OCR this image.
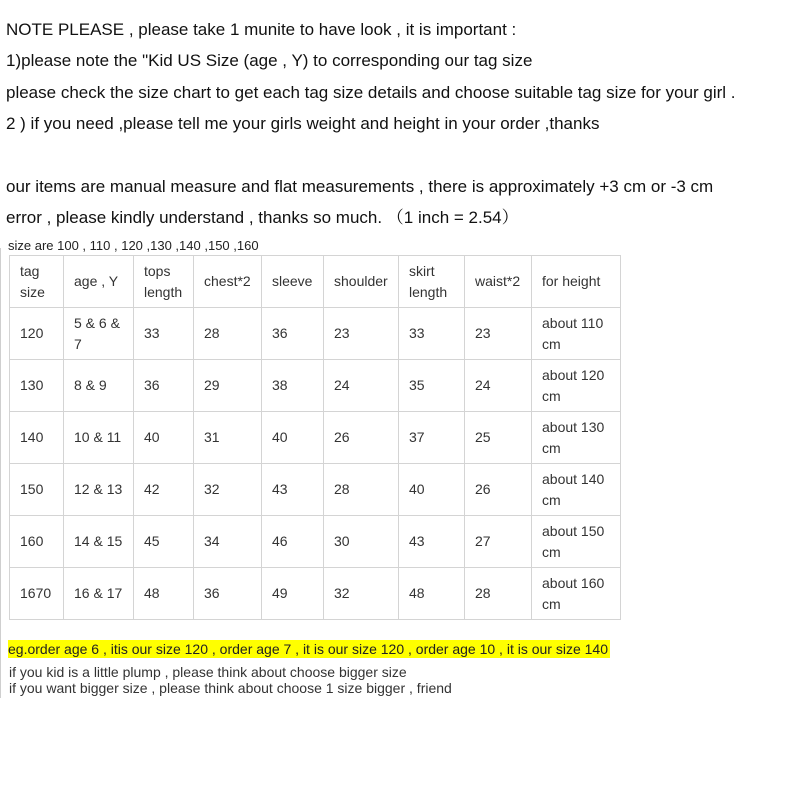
NOTE PLEASE , please take 1 munite to have look , it is important :
1)please note the "Kid US Size (age , Y) to corresponding our tag size
please check the size chart to get each tag size details and choose suitable tag size for your girl .
2 ) if you need ,please tell me your girls weight and height in your order ,thanks
our items are manual measure and flat measurements , there is approximately +3 cm or -3 cm
error , please kindly understand , thanks so much. （1 inch = 2.54）
size are 100 , 110 , 120 ,130 ,140 ,150 ,160
tag size	age , Y	tops length	chest*2	sleeve	shoulder	skirt length	waist*2	for height
120	5 & 6 & 7	33	28	36	23	33	23	about 110 cm
130	8 & 9	36	29	38	24	35	24	about 120 cm
140	10 & 11	40	31	40	26	37	25	about 130 cm
150	12 & 13	42	32	43	28	40	26	about 140 cm
160	14 & 15	45	34	46	30	43	27	about 150 cm
1670	16 & 17	48	36	49	32	48	28	about 160 cm
eg.order age 6 , itis our size 120 , order age 7 , it is our size 120 , order age 10 , it is our size 140
if you kid is a little plump , please think about choose bigger size
if you want bigger size , please think about choose 1 size bigger , friend
